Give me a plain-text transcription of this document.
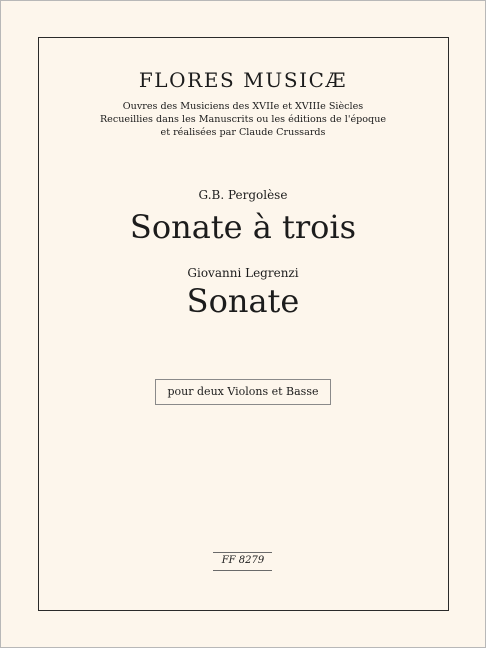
FLORES MUSICÆ
Ouvres des Musiciens des XVIIe et XVIIIe Siècles
Recueillies dans les Manuscrits ou les éditions de l'époque
et réalisées par Claude Crussards
G.B. Pergolèse
Sonate à trois
Giovanni Legrenzi
Sonate
pour deux Violons et Basse
FF 8279
